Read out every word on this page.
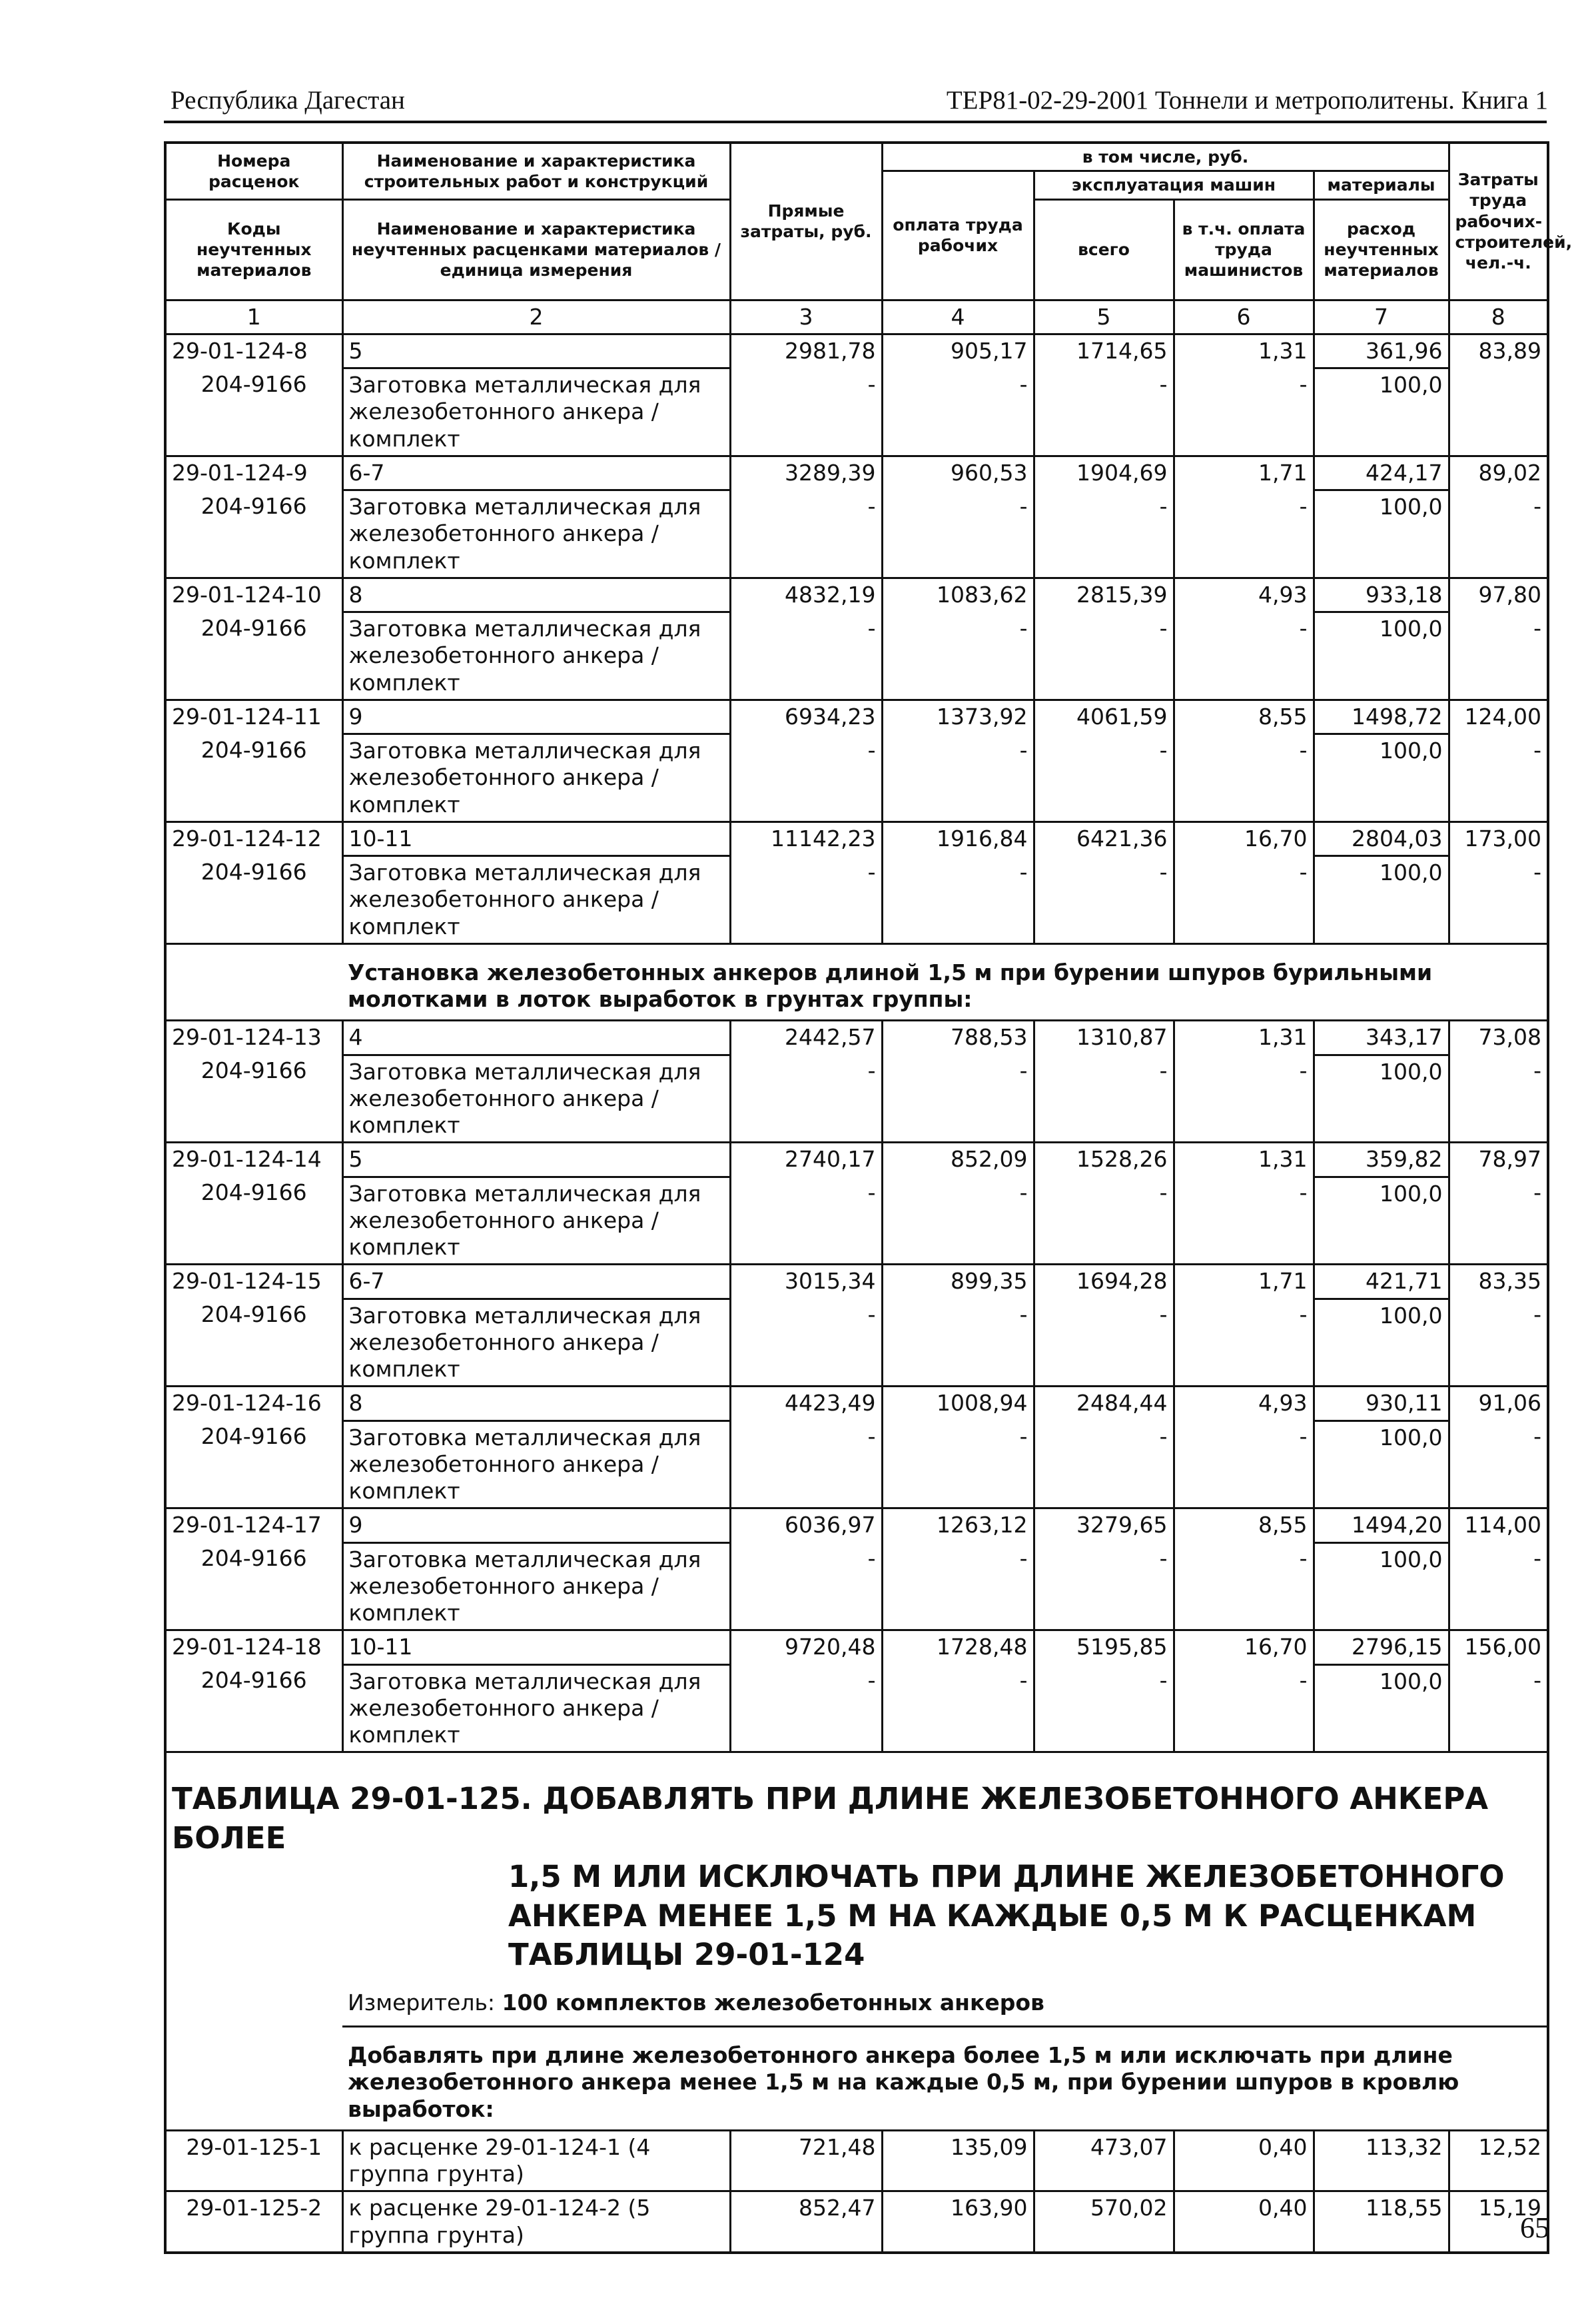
Республика Дагестан	ТЕР81-02-29-2001 Тоннели и метрополитены. Книга 1
Номера расценок	Наименование и характеристика строительных работ и конструкций	Прямые затраты, руб.	в том числе, руб.				Затраты труда рабочих-строителей, чел.-ч.
			оплата труда рабочих	эксплуатация машин		материалы	
Коды неучтенных материалов	Наименование и характеристика неучтенных расценками материалов / единица измерения			всего	в т.ч. оплата труда машинистов	расход неучтенных материалов	

1	2	3	4	5	6	7	8
29-01-124-8	5	2981,78	905,17	1714,65	1,31	361,96	83,89
204-9166	Заготовка металлическая для железобетонного анкера / комплект	-	-	-	-	100,0	
29-01-124-9	6-7	3289,39	960,53	1904,69	1,71	424,17	89,02
204-9166	Заготовка металлическая для железобетонного анкера / комплект	-	-	-	-	100,0	-
29-01-124-10	8	4832,19	1083,62	2815,39	4,93	933,18	97,80
204-9166	Заготовка металлическая для железобетонного анкера / комплект	-	-	-	-	100,0	-
29-01-124-11	9	6934,23	1373,92	4061,59	8,55	1498,72	124,00
204-9166	Заготовка металлическая для железобетонного анкера / комплект	-	-	-	-	100,0	-
29-01-124-12	10-11	11142,23	1916,84	6421,36	16,70	2804,03	173,00
204-9166	Заготовка металлическая для железобетонного анкера / комплект	-	-	-	-	100,0	-
	Установка железобетонных анкеров длиной 1,5 м при бурении шпуров бурильными молотками в лоток выработок в грунтах группы:						
29-01-124-13	4	2442,57	788,53	1310,87	1,31	343,17	73,08
204-9166	Заготовка металлическая для железобетонного анкера / комплект	-	-	-	-	100,0	-
29-01-124-14	5	2740,17	852,09	1528,26	1,31	359,82	78,97
204-9166	Заготовка металлическая для железобетонного анкера / комплект	-	-	-	-	100,0	-
29-01-124-15	6-7	3015,34	899,35	1694,28	1,71	421,71	83,35
204-9166	Заготовка металлическая для железобетонного анкера / комплект	-	-	-	-	100,0	-
29-01-124-16	8	4423,49	1008,94	2484,44	4,93	930,11	91,06
204-9166	Заготовка металлическая для железобетонного анкера / комплект	-	-	-	-	100,0	-
29-01-124-17	9	6036,97	1263,12	3279,65	8,55	1494,20	114,00
204-9166	Заготовка металлическая для железобетонного анкера / комплект	-	-	-	-	100,0	-
29-01-124-18	10-11	9720,48	1728,48	5195,85	16,70	2796,15	156,00
204-9166	Заготовка металлическая для железобетонного анкера / комплект	-	-	-	-	100,0	-

ТАБЛИЦА 29-01-125. ДОБАВЛЯТЬ ПРИ ДЛИНЕ ЖЕЛЕЗОБЕТОННОГО АНКЕРА БОЛЕЕ
1,5 М ИЛИ ИСКЛЮЧАТЬ ПРИ ДЛИНЕ ЖЕЛЕЗОБЕТОННОГО
АНКЕРА МЕНЕЕ 1,5 М НА КАЖДЫЕ 0,5 М К РАСЦЕНКАМ
ТАБЛИЦЫ 29-01-124							

	Измеритель: 100 комплектов железобетонных анкеров						
	Добавлять при длине железобетонного анкера более 1,5 м или исключать при длине железобетонного анкера менее 1,5 м на каждые 0,5 м, при бурении шпуров в кровлю выработок:						
29-01-125-1	к расценке 29-01-124-1 (4 группа грунта)	721,48	135,09	473,07	0,40	113,32	12,52
29-01-125-2	к расценке 29-01-124-2 (5 группа грунта)	852,47	163,90	570,02	0,40	118,55	15,19
65
